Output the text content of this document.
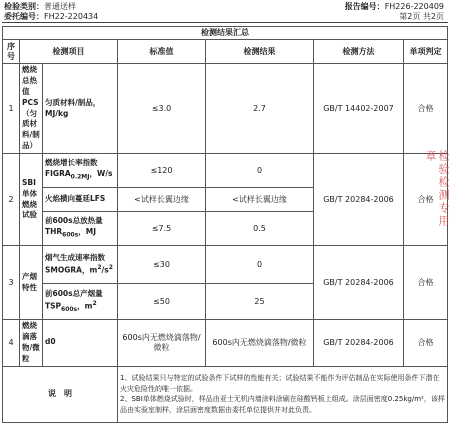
检验类别：普通送样	报告编号：FH226-220409
委托编号：FH22-220434	第2页 共2页
检测结果汇总						
序号	检测项目		标准值	检测结果	检测方法	单项判定
1	燃烧总热值PCS（匀质材料/制品）	匀质材料/制品，MJ/kg	≤3.0	2.7	GB/T 14402-2007	合格
2	SBI单体燃烧试验	燃烧增长率指数$FIGRA_{0.2MJ}$，W/s	≤120	0	GB/T 20284-2006	合格
		火焰横向蔓延LFS	<试样长翼边缘	<试样长翼边缘		
		前600s总放热量$THR_{600s}$，MJ	≤7.5	0.5		
3	产烟特性	烟气生成速率指数SMOGRA，$m^2/s^2$	≤30	0	GB/T 20284-2006	合格
		前600s总产烟量$TSP_{600s}$，$m^2$	≤50	25		
4	燃烧滴落物/微粒	d0	600s内无燃烧滴落物/微粒	600s内无燃烧滴落物/微粒	GB/T 20284-2006	合格
说　明			1、试验结果只与特定的试验条件下试样的性能有关；试验结果不能作为评估制品在实际使用条件下潜在火灾危险性的唯一依据。
2、SBI单体燃烧试验时，样品由亚士无机内墙涂料涂刷在硅酸钙板上组成。涂层面密度0.25kg/m²，该样品由实验室制样，涂层面密度数据由委托单位提供并对此负责。			
检验检测专用章
